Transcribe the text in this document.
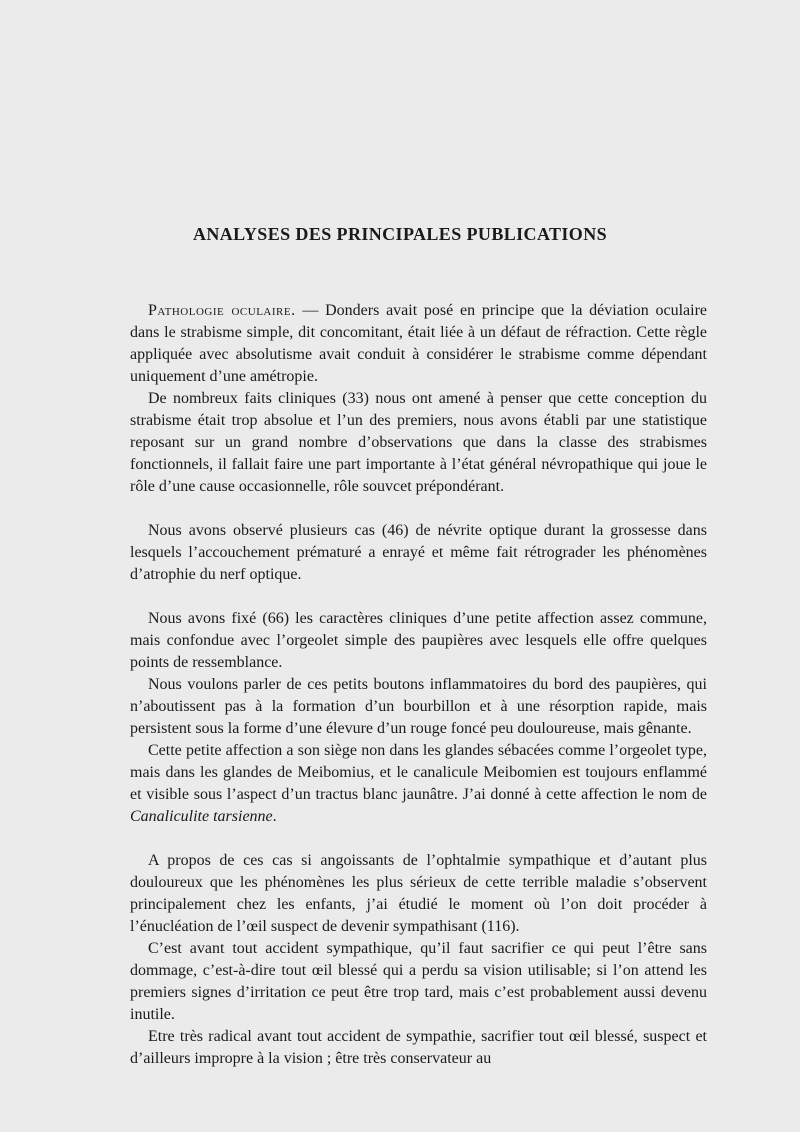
ANALYSES DES PRINCIPALES PUBLICATIONS

Pathologie oculaire. — Donders avait posé en principe que la déviation oculaire dans le strabisme simple, dit concomitant, était liée à un défaut de réfraction. Cette règle appliquée avec absolutisme avait conduit à considérer le strabisme comme dépendant uniquement d’une amétropie.

De nombreux faits cliniques (33) nous ont amené à penser que cette conception du strabisme était trop absolue et l’un des premiers, nous avons établi par une statistique reposant sur un grand nombre d’observations que dans la classe des strabismes fonctionnels, il fallait faire une part importante à l’état général névropathique qui joue le rôle d’une cause occasionnelle, rôle souvcet prépondérant.

Nous avons observé plusieurs cas (46) de névrite optique durant la grossesse dans lesquels l’accouchement prématuré a enrayé et même fait rétrograder les phénomènes d’atrophie du nerf optique.

Nous avons fixé (66) les caractères cliniques d’une petite affection assez commune, mais confondue avec l’orgeolet simple des paupières avec lesquels elle offre quelques points de ressemblance.

Nous voulons parler de ces petits boutons inflammatoires du bord des paupières, qui n’aboutissent pas à la formation d’un bourbillon et à une résorption rapide, mais persistent sous la forme d’une élevure d’un rouge foncé peu douloureuse, mais gênante.

Cette petite affection a son siège non dans les glandes sébacées comme l’orgeolet type, mais dans les glandes de Meibomius, et le canalicule Meibomien est toujours enflammé et visible sous l’aspect d’un tractus blanc jaunâtre. J’ai donné à cette affection le nom de Canaliculite tarsienne.

A propos de ces cas si angoissants de l’ophtalmie sympathique et d’autant plus douloureux que les phénomènes les plus sérieux de cette terrible maladie s’observent principalement chez les enfants, j’ai étudié le moment où l’on doit procéder à l’énucléation de l’œil suspect de devenir sympathisant (116).

C’est avant tout accident sympathique, qu’il faut sacrifier ce qui peut l’être sans dommage, c’est-à-dire tout œil blessé qui a perdu sa vision utilisable; si l’on attend les premiers signes d’irritation ce peut être trop tard, mais c’est probablement aussi devenu inutile.

Etre très radical avant tout accident de sympathie, sacrifier tout œil blessé, suspect et d’ailleurs impropre à la vision ; être très conservateur au
